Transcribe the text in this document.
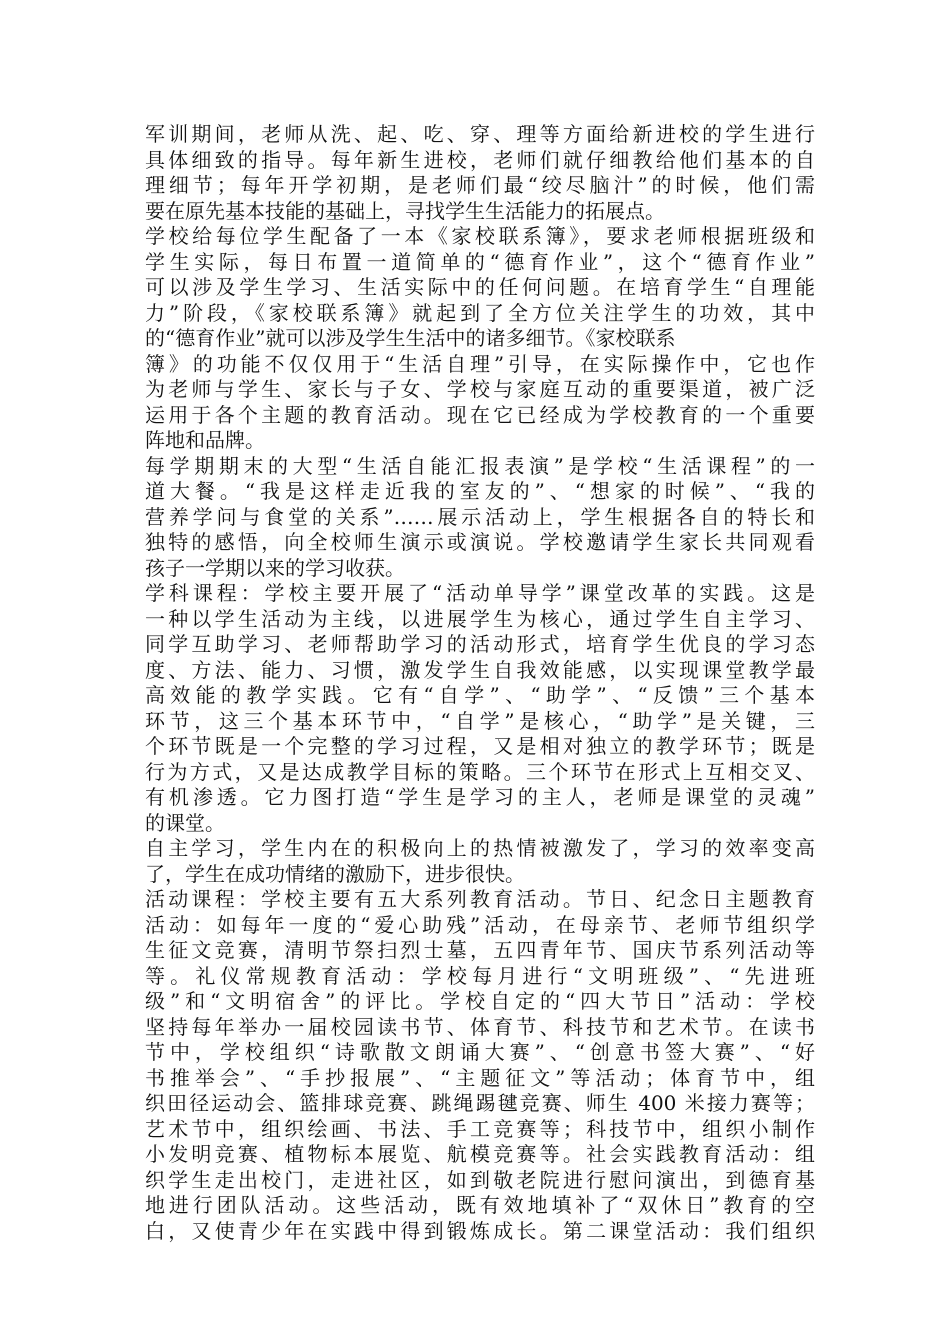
军训期间，老师从洗、起、吃、穿、理等方面给新进校的学生进行
具体细致的指导。每年新生进校，老师们就仔细教给他们基本的自
理细节；每年开学初期，是老师们最“绞尽脑汁”的时候，他们需
要在原先基本技能的基础上，寻找学生生活能力的拓展点。
学校给每位学生配备了一本《家校联系簿》，要求老师根据班级和
学生实际，每日布置一道简单的“德育作业”，这个“德育作业”
可以涉及学生学习、生活实际中的任何问题。在培育学生“自理能
力”阶段，《家校联系簿》就起到了全方位关注学生的功效，其中
的“德育作业”就可以涉及学生生活中的诸多细节。《家校联系
簿》的功能不仅仅用于“生活自理”引导，在实际操作中，它也作
为老师与学生、家长与子女、学校与家庭互动的重要渠道，被广泛
运用于各个主题的教育活动。现在它已经成为学校教育的一个重要
阵地和品牌。
每学期期末的大型“生活自能汇报表演”是学校“生活课程”的一
道大餐。“我是这样走近我的室友的”、“想家的时候”、“我的
营养学问与食堂的关系”……展示活动上，学生根据各自的特长和
独特的感悟，向全校师生演示或演说。学校邀请学生家长共同观看
孩子一学期以来的学习收获。
学科课程：学校主要开展了“活动单导学”课堂改革的实践。这是
一种以学生活动为主线，以进展学生为核心，通过学生自主学习、
同学互助学习、老师帮助学习的活动形式，培育学生优良的学习态
度、方法、能力、习惯，激发学生自我效能感，以实现课堂教学最
高效能的教学实践。它有“自学”、“助学”、“反馈”三个基本
环节，这三个基本环节中，“自学”是核心，“助学”是关键，三
个环节既是一个完整的学习过程，又是相对独立的教学环节；既是
行为方式，又是达成教学目标的策略。三个环节在形式上互相交叉、
有机渗透。它力图打造“学生是学习的主人，老师是课堂的灵魂”
的课堂。
自主学习，学生内在的积极向上的热情被激发了，学习的效率变高
了，学生在成功情绪的激励下，进步很快。
活动课程：学校主要有五大系列教育活动。节日、纪念日主题教育
活动：如每年一度的“爱心助残”活动，在母亲节、老师节组织学
生征文竞赛，清明节祭扫烈士墓，五四青年节、国庆节系列活动等
等。礼仪常规教育活动：学校每月进行“文明班级”、“先进班
级”和“文明宿舍”的评比。学校自定的“四大节日”活动：学校
坚持每年举办一届校园读书节、体育节、科技节和艺术节。在读书
节中，学校组织“诗歌散文朗诵大赛”、“创意书签大赛”、“好
书推举会”、“手抄报展”、“主题征文”等活动；体育节中，组
织田径运动会、篮排球竞赛、跳绳踢毽竞赛、师生 400 米接力赛等；
艺术节中，组织绘画、书法、手工竞赛等；科技节中，组织小制作
小发明竞赛、植物标本展览、航模竞赛等。社会实践教育活动：组
织学生走出校门，走进社区，如到敬老院进行慰问演出，到德育基
地进行团队活动。这些活动，既有效地填补了“双休日”教育的空
白，又使青少年在实践中得到锻炼成长。第二课堂活动：我们组织
